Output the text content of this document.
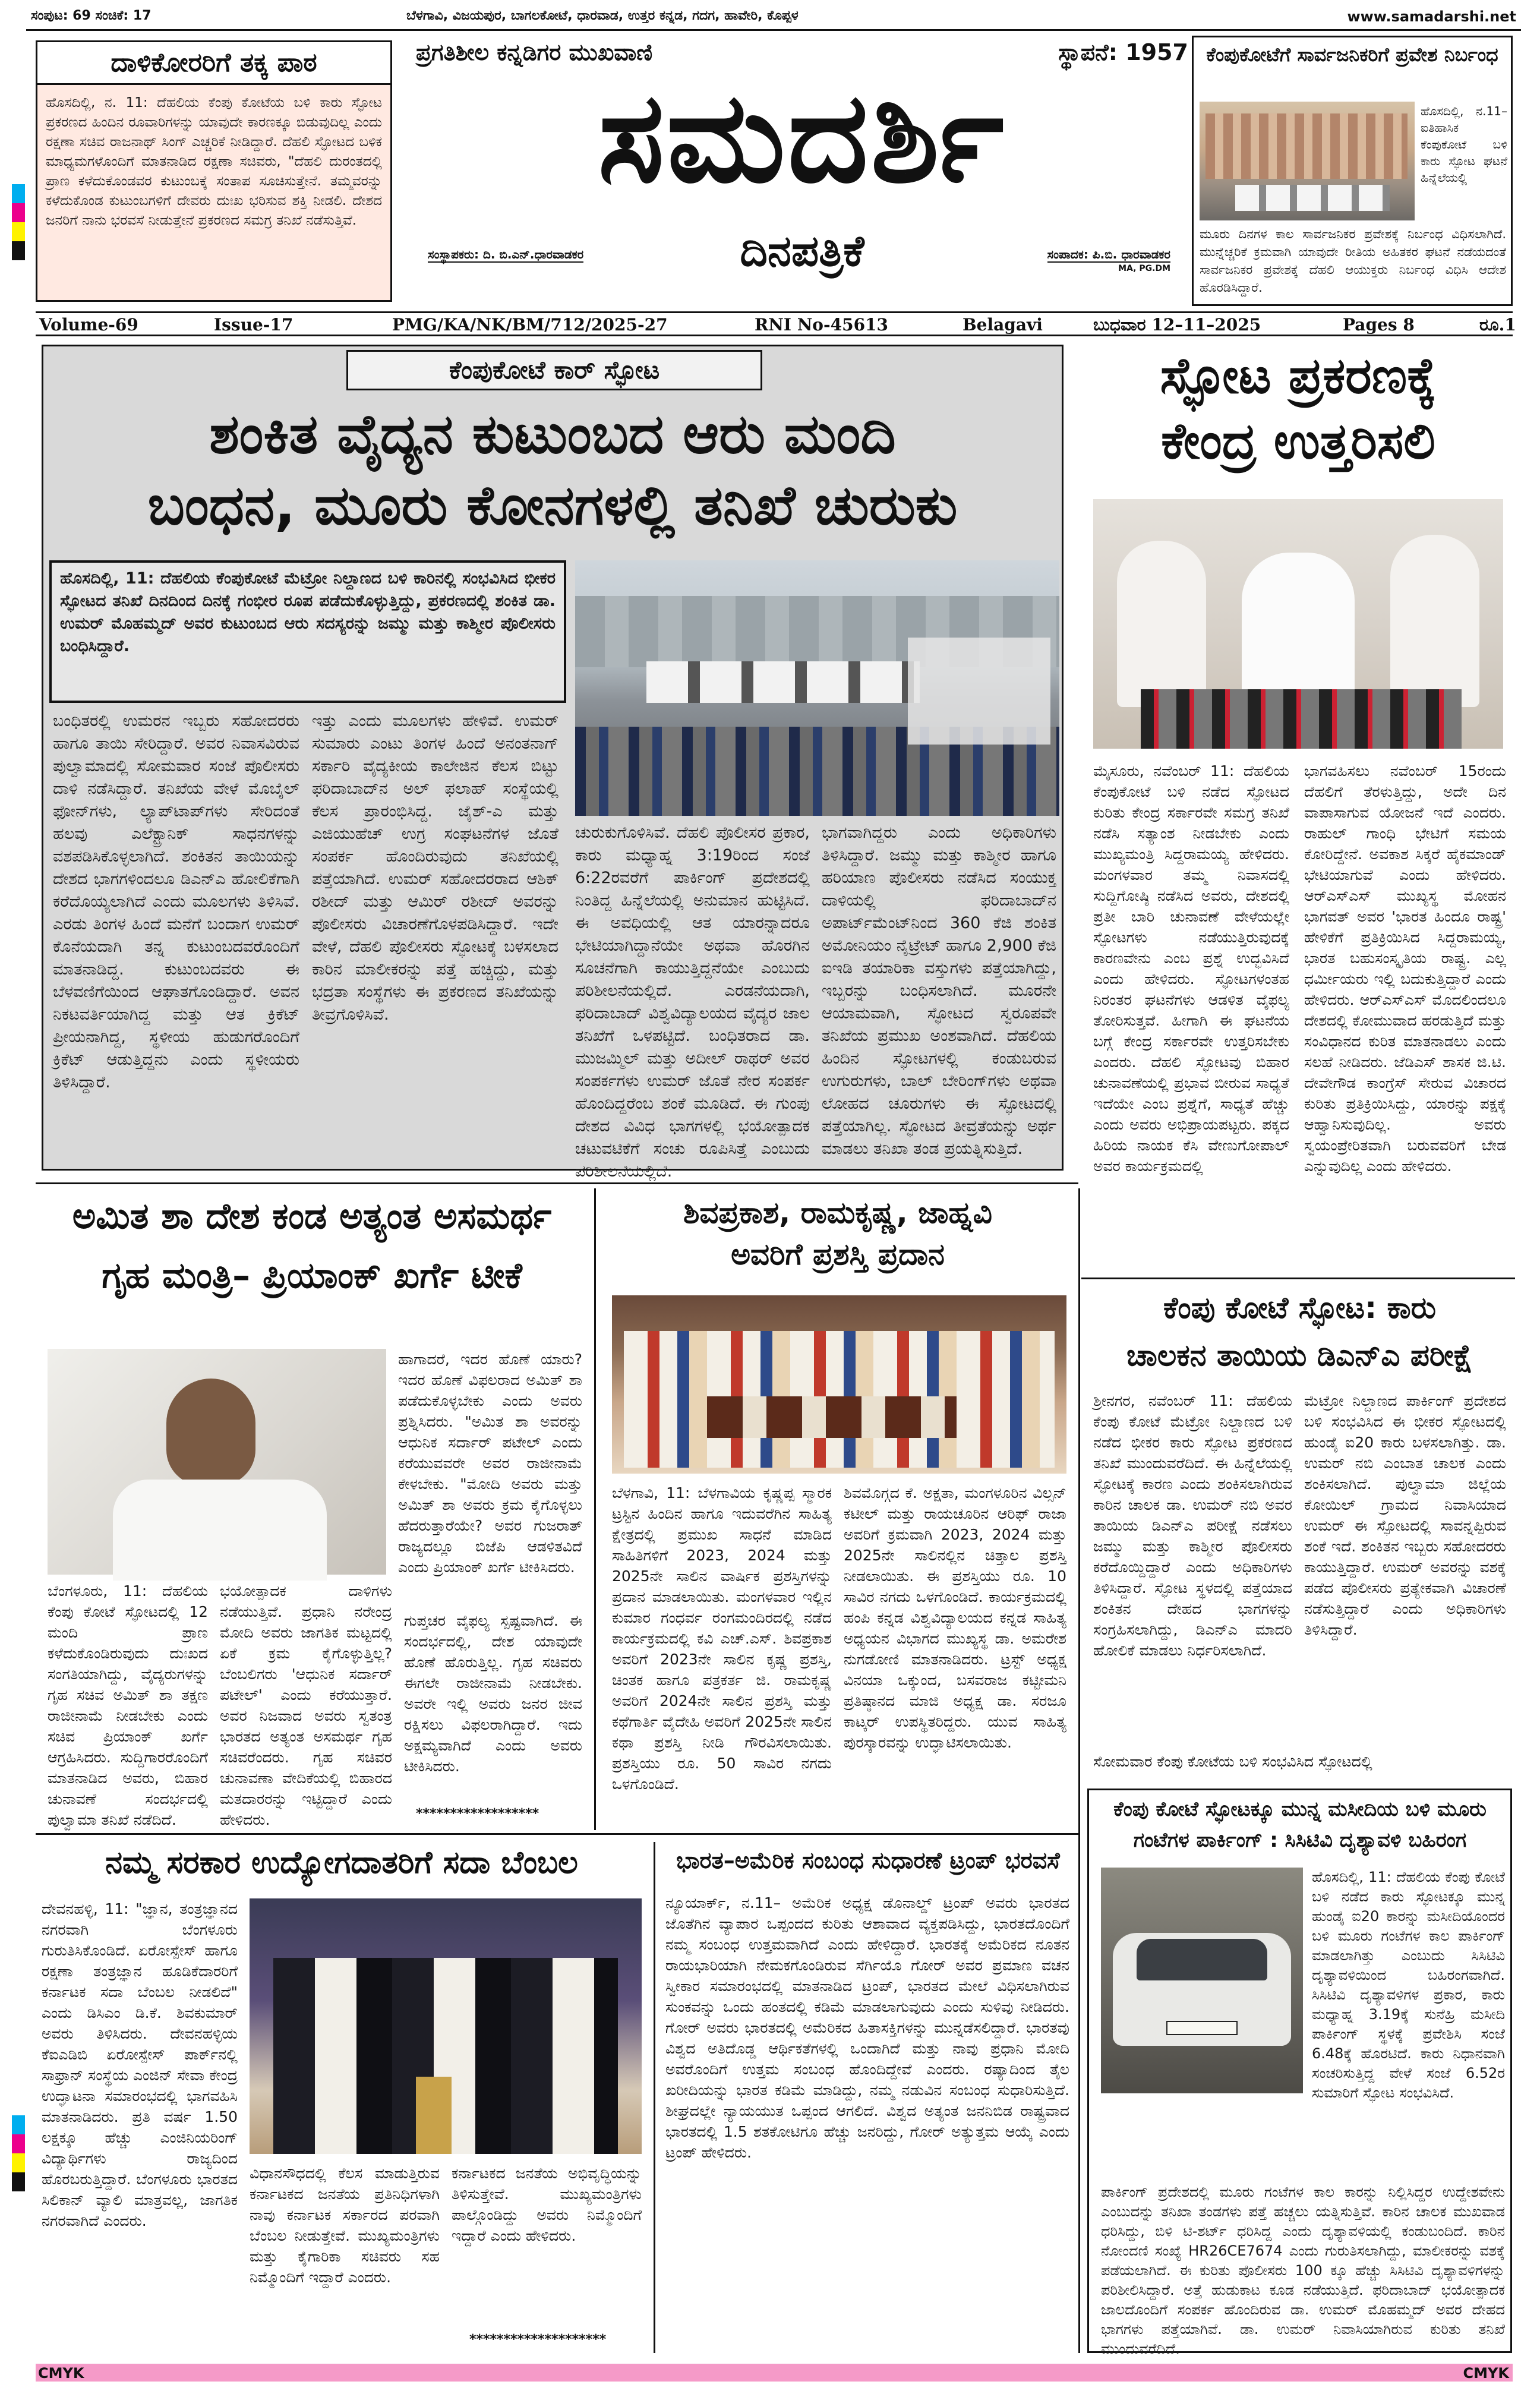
ಸಂಪುಟ: 69 ಸಂಚಿಕೆ: 17	ಬೆಳಗಾವಿ, ವಿಜಯಪುರ, ಬಾಗಲಕೋಟೆ, ಧಾರವಾಡ, ಉತ್ತರ ಕನ್ನಡ, ಗದಗ, ಹಾವೇರಿ, ಕೊಪ್ಪಳ	www.samadarshi.net
ದಾಳಿಕೋರರಿಗೆ ತಕ್ಕ ಪಾಠ
ಹೊಸದಿಲ್ಲಿ, ನ. 11: ದೆಹಲಿಯ ಕೆಂಪು ಕೋಟೆಯ ಬಳಿ ಕಾರು ಸ್ಫೋಟ ಪ್ರಕರಣದ ಹಿಂದಿನ ರೂವಾರಿಗಳನ್ನು ಯಾವುದೇ ಕಾರಣಕ್ಕೂ ಬಿಡುವುದಿಲ್ಲ ಎಂದು ರಕ್ಷಣಾ ಸಚಿವ ರಾಜನಾಥ್ ಸಿಂಗ್ ಎಚ್ಚರಿಕೆ ನೀಡಿದ್ದಾರೆ. ದೆಹಲಿ ಸ್ಫೋಟದ ಬಳಿಕ ಮಾಧ್ಯಮಗಳೊಂದಿಗೆ ಮಾತನಾಡಿದ ರಕ್ಷಣಾ ಸಚಿವರು, "ದೆಹಲಿ ದುರಂತದಲ್ಲಿ ಪ್ರಾಣ ಕಳೆದುಕೊಂಡವರ ಕುಟುಂಬಕ್ಕೆ ಸಂತಾಪ ಸೂಚಿಸುತ್ತೇನೆ. ತಮ್ಮವರನ್ನು ಕಳೆದುಕೊಂಡ ಕುಟುಂಬಗಳಿಗೆ ದೇವರು ದುಃಖ ಭರಿಸುವ ಶಕ್ತಿ ನೀಡಲಿ. ದೇಶದ ಜನರಿಗೆ ನಾನು ಭರವಸೆ ನೀಡುತ್ತೇನೆ ಪ್ರಕರಣದ ಸಮಗ್ರ ತನಿಖೆ ನಡೆಸುತ್ತಿವೆ.
ಪ್ರಗತಿಶೀಲ ಕನ್ನಡಿಗರ ಮುಖವಾಣಿ	ಸ್ಥಾಪನೆ: 1957
ಸಮದರ್ಶಿ
ಸಂಸ್ಥಾಪಕರು: ದಿ. ಬಿ.ಎನ್.ಧಾರವಾಡಕರ	ದಿನಪತ್ರಿಕೆ	ಸಂಪಾದಕ: ಪಿ.ಬಿ. ಧಾರವಾಡಕರ
MA, PG.DM
ಕೆಂಪುಕೋಟೆಗೆ ಸಾರ್ವಜನಿಕರಿಗೆ ಪ್ರವೇಶ ನಿರ್ಬಂಧ
ಹೊಸದಿಲ್ಲಿ, ನ.11– ಐತಿಹಾಸಿಕ ಕೆಂಪುಕೋಟೆ ಬಳಿ ಕಾರು ಸ್ಫೋಟ ಘಟನೆ ಹಿನ್ನೆಲೆಯಲ್ಲಿ
ಮೂರು ದಿನಗಳ ಕಾಲ ಸಾರ್ವಜನಿಕರ ಪ್ರವೇಶಕ್ಕೆ ನಿರ್ಬಂಧ ವಿಧಿಸಲಾಗಿದೆ. ಮುನ್ನೆಚ್ಚರಿಕೆ ಕ್ರಮವಾಗಿ ಯಾವುದೇ ರೀತಿಯ ಅಹಿತಕರ ಘಟನೆ ನಡೆಯದಂತೆ ಸಾರ್ವಜನಿಕರ ಪ್ರವೇಶಕ್ಕೆ ದೆಹಲಿ ಆಯುಕ್ತರು ನಿರ್ಬಂಧ ವಿಧಿಸಿ ಆದೇಶ ಹೊರಡಿಸಿದ್ದಾರೆ.
Volume-69	Issue-17	PMG/KA/NK/BM/712/2025-27	RNI No-45613	Belagavi	ಬುಧವಾರ 12–11–2025	Pages 8	ರೂ.1
ಕೆಂಪುಕೋಟೆ ಕಾರ್ ಸ್ಫೋಟ
ಶಂಕಿತ ವೈದ್ಯನ ಕುಟುಂಬದ ಆರು ಮಂದಿ
ಬಂಧನ, ಮೂರು ಕೋನಗಳಲ್ಲಿ ತನಿಖೆ ಚುರುಕು
ಹೊಸದಿಲ್ಲಿ, 11: ದೆಹಲಿಯ ಕೆಂಪುಕೋಟೆ ಮೆಟ್ರೋ ನಿಲ್ದಾಣದ ಬಳಿ ಕಾರಿನಲ್ಲಿ ಸಂಭವಿಸಿದ ಭೀಕರ ಸ್ಫೋಟದ ತನಿಖೆ ದಿನದಿಂದ ದಿನಕ್ಕೆ ಗಂಭೀರ ರೂಪ ಪಡೆದುಕೊಳ್ಳುತ್ತಿದ್ದು, ಪ್ರಕರಣದಲ್ಲಿ ಶಂಕಿತ ಡಾ. ಉಮರ್ ಮೊಹಮ್ಮದ್ ಅವರ ಕುಟುಂಬದ ಆರು ಸದಸ್ಯರನ್ನು ಜಮ್ಮು ಮತ್ತು ಕಾಶ್ಮೀರ ಪೊಲೀಸರು ಬಂಧಿಸಿದ್ದಾರೆ.
ಬಂಧಿತರಲ್ಲಿ ಉಮರನ ಇಬ್ಬರು ಸಹೋದರರು ಹಾಗೂ ತಾಯಿ ಸೇರಿದ್ದಾರೆ. ಅವರ ನಿವಾಸವಿರುವ ಪುಲ್ವಾಮಾದಲ್ಲಿ ಸೋಮವಾರ ಸಂಜೆ ಪೊಲೀಸರು ದಾಳಿ ನಡೆಸಿದ್ದಾರೆ. ತನಿಖೆಯ ವೇಳೆ ಮೊಬೈಲ್ ಫೋನ್‌ಗಳು, ಲ್ಯಾಪ್‌ಟಾಪ್‌ಗಳು ಸೇರಿದಂತೆ ಹಲವು ಎಲೆಕ್ಟ್ರಾನಿಕ್ ಸಾಧನಗಳನ್ನು ವಶಪಡಿಸಿಕೊಳ್ಳಲಾಗಿದೆ. ಶಂಕಿತನ ತಾಯಿಯನ್ನು ದೇಶದ ಭಾಗಗಳಿಂದಲೂ ಡಿಎನ್‌ಎ ಹೋಲಿಕೆಗಾಗಿ ಕರೆದೊಯ್ಯಲಾಗಿದೆ ಎಂದು ಮೂಲಗಳು ತಿಳಿಸಿವೆ. ಎರಡು ತಿಂಗಳ ಹಿಂದೆ ಮನೆಗೆ ಬಂದಾಗ ಉಮರ್ ಕೊನೆಯದಾಗಿ ತನ್ನ ಕುಟುಂಬದವರೊಂದಿಗೆ ಮಾತನಾಡಿದ್ದ. ಕುಟುಂಬದವರು ಈ ಬೆಳವಣಿಗೆಯಿಂದ ಆಘಾತಗೊಂಡಿದ್ದಾರೆ. ಅವನ ನಿಕಟವರ್ತಿಯಾಗಿದ್ದ ಮತ್ತು ಆತ ಕ್ರಿಕೆಟ್ ಪ್ರೀಯನಾಗಿದ್ದ, ಸ್ಥಳೀಯ ಹುಡುಗರೊಂದಿಗೆ ಕ್ರಿಕೆಟ್ ಆಡುತ್ತಿದ್ದನು ಎಂದು ಸ್ಥಳೀಯರು ತಿಳಿಸಿದ್ದಾರೆ.
ಇತ್ತು ಎಂದು ಮೂಲಗಳು ಹೇಳಿವೆ. ಉಮರ್ ಸುಮಾರು ಎಂಟು ತಿಂಗಳ ಹಿಂದೆ ಅನಂತನಾಗ್ ಸರ್ಕಾರಿ ವೈದ್ಯಕೀಯ ಕಾಲೇಜಿನ ಕೆಲಸ ಬಿಟ್ಟು ಫರಿದಾಬಾದ್‌ನ ಅಲ್ ಫಲಾಹ್ ಸಂಸ್ಥೆಯಲ್ಲಿ ಕೆಲಸ ಪ್ರಾರಂಭಿಸಿದ್ದ. ಜೈಶ್-ಎ ಮತ್ತು ಎಜಿಯುಹೆಚ್ ಉಗ್ರ ಸಂಘಟನೆಗಳ ಜೊತೆ ಸಂಪರ್ಕ ಹೊಂದಿರುವುದು ತನಿಖೆಯಲ್ಲಿ ಪತ್ತೆಯಾಗಿದೆ. ಉಮರ್ ಸಹೋದರರಾದ ಆಶಿಕ್ ರಶೀದ್ ಮತ್ತು ಆಮಿರ್ ರಶೀದ್ ಅವರನ್ನು ಪೊಲೀಸರು ವಿಚಾರಣೆಗೊಳಪಡಿಸಿದ್ದಾರೆ. ಇದೇ ವೇಳೆ, ದೆಹಲಿ ಪೊಲೀಸರು ಸ್ಫೋಟಕ್ಕೆ ಬಳಸಲಾದ ಕಾರಿನ ಮಾಲೀಕರನ್ನು ಪತ್ತೆ ಹಚ್ಚಿದ್ದು, ಮತ್ತು ಭದ್ರತಾ ಸಂಸ್ಥೆಗಳು ಈ ಪ್ರಕರಣದ ತನಿಖೆಯನ್ನು ತೀವ್ರಗೊಳಿಸಿವೆ.
ಚುರುಕುಗೊಳಿಸಿವೆ. ದೆಹಲಿ ಪೊಲೀಸರ ಪ್ರಕಾರ, ಕಾರು ಮಧ್ಯಾಹ್ನ 3:19ರಿಂದ ಸಂಜೆ 6:22ರವರೆಗೆ ಪಾರ್ಕಿಂಗ್ ಪ್ರದೇಶದಲ್ಲಿ ನಿಂತಿದ್ದ ಹಿನ್ನೆಲೆಯಲ್ಲಿ ಅನುಮಾನ ಹುಟ್ಟಿಸಿದೆ. ಈ ಅವಧಿಯಲ್ಲಿ ಆತ ಯಾರನ್ನಾದರೂ ಭೇಟಿಯಾಗಿದ್ದಾನೆಯೇ ಅಥವಾ ಹೊರಗಿನ ಸೂಚನೆಗಾಗಿ ಕಾಯುತ್ತಿದ್ದನೆಯೇ ಎಂಬುದು ಪರಿಶೀಲನೆಯಲ್ಲಿದೆ. ಎರಡನೆಯದಾಗಿ, ಫರಿದಾಬಾದ್ ವಿಶ್ವವಿದ್ಯಾಲಯದ ವೈದ್ಯರ ಜಾಲ ತನಿಖೆಗೆ ಒಳಪಟ್ಟಿದೆ. ಬಂಧಿತರಾದ ಡಾ. ಮುಜಮ್ಮಿಲ್ ಮತ್ತು ಅದೀಲ್ ರಾಥರ್ ಅವರ ಸಂಪರ್ಕಗಳು ಉಮರ್ ಜೊತೆ ನೇರ ಸಂಪರ್ಕ ಹೊಂದಿದ್ದರೆಂಬ ಶಂಕೆ ಮೂಡಿದೆ. ಈ ಗುಂಪು ದೇಶದ ವಿವಿಧ ಭಾಗಗಳಲ್ಲಿ ಭಯೋತ್ಪಾದಕ ಚಟುವಟಿಕೆಗೆ ಸಂಚು ರೂಪಿಸಿತ್ತೆ ಎಂಬುದು ಪರಿಶೀಲನೆಯಲ್ಲಿದೆ.
ಭಾಗವಾಗಿದ್ದರು ಎಂದು ಅಧಿಕಾರಿಗಳು ತಿಳಿಸಿದ್ದಾರೆ. ಜಮ್ಮು ಮತ್ತು ಕಾಶ್ಮೀರ ಹಾಗೂ ಹರಿಯಾಣ ಪೊಲೀಸರು ನಡೆಸಿದ ಸಂಯುಕ್ತ ದಾಳಿಯಲ್ಲಿ ಫರಿದಾಬಾದ್‌ನ ಅಪಾರ್ಟ್‌ಮೆಂಟ್‌ನಿಂದ 360 ಕೆಜಿ ಶಂಕಿತ ಅಮೋನಿಯಂ ನೈಟ್ರೇಟ್ ಹಾಗೂ 2,900 ಕೆಜಿ ಐಇಡಿ ತಯಾರಿಕಾ ವಸ್ತುಗಳು ಪತ್ತೆಯಾಗಿದ್ದು, ಇಬ್ಬರನ್ನು ಬಂಧಿಸಲಾಗಿದೆ. ಮೂರನೇ ಆಯಾಮವಾಗಿ, ಸ್ಫೋಟದ ಸ್ವರೂಪವೇ ತನಿಖೆಯ ಪ್ರಮುಖ ಅಂಶವಾಗಿದೆ. ದೆಹಲಿಯ ಹಿಂದಿನ ಸ್ಫೋಟಗಳಲ್ಲಿ ಕಂಡುಬರುವ ಉಗುರುಗಳು, ಬಾಲ್ ಬೇರಿಂಗ್‌ಗಳು ಅಥವಾ ಲೋಹದ ಚೂರುಗಳು ಈ ಸ್ಫೋಟದಲ್ಲಿ ಪತ್ತೆಯಾಗಿಲ್ಲ. ಸ್ಫೋಟದ ತೀವ್ರತೆಯನ್ನು ಅರ್ಥ ಮಾಡಲು ತನಿಖಾ ತಂಡ ಪ್ರಯತ್ನಿಸುತ್ತಿದೆ.
ಸ್ಫೋಟ ಪ್ರಕರಣಕ್ಕೆ
ಕೇಂದ್ರ ಉತ್ತರಿಸಲಿ
ಮೈಸೂರು, ನವೆಂಬರ್ 11: ದೆಹಲಿಯ ಕೆಂಪುಕೋಟೆ ಬಳಿ ನಡೆದ ಸ್ಫೋಟದ ಕುರಿತು ಕೇಂದ್ರ ಸರ್ಕಾರವೇ ಸಮಗ್ರ ತನಿಖೆ ನಡೆಸಿ ಸತ್ಯಾಂಶ ನೀಡಬೇಕು ಎಂದು ಮುಖ್ಯಮಂತ್ರಿ ಸಿದ್ದರಾಮಯ್ಯ ಹೇಳಿದರು. ಮಂಗಳವಾರ ತಮ್ಮ ನಿವಾಸದಲ್ಲಿ ಸುದ್ದಿಗೋಷ್ಠಿ ನಡೆಸಿದ ಅವರು, ದೇಶದಲ್ಲಿ ಪ್ರತೀ ಬಾರಿ ಚುನಾವಣೆ ವೇಳೆಯಲ್ಲೇ ಸ್ಫೋಟಗಳು ನಡೆಯುತ್ತಿರುವುದಕ್ಕೆ ಕಾರಣವೇನು ಎಂಬ ಪ್ರಶ್ನೆ ಉದ್ಭವಿಸಿದೆ ಎಂದು ಹೇಳಿದರು. ಸ್ಫೋಟಗಳಂತಹ ನಿರಂತರ ಘಟನೆಗಳು ಆಡಳಿತ ವೈಫಲ್ಯ ತೋರಿಸುತ್ತವೆ. ಹೀಗಾಗಿ ಈ ಘಟನೆಯ ಬಗ್ಗೆ ಕೇಂದ್ರ ಸರ್ಕಾರವೇ ಉತ್ತರಿಸಬೇಕು ಎಂದರು. ದೆಹಲಿ ಸ್ಫೋಟವು ಬಿಹಾರ ಚುನಾವಣೆಯಲ್ಲಿ ಪ್ರಭಾವ ಬೀರುವ ಸಾಧ್ಯತೆ ಇದೆಯೇ ಎಂಬ ಪ್ರಶ್ನೆಗೆ, ಸಾಧ್ಯತೆ ಹೆಚ್ಚು ಎಂದು ಅವರು ಅಭಿಪ್ರಾಯಪಟ್ಟರು. ಪಕ್ಕದ ಹಿರಿಯ ನಾಯಕ ಕೆಸಿ ವೇಣುಗೋಪಾಲ್ ಅವರ ಕಾರ್ಯಕ್ರಮದಲ್ಲಿ
ಭಾಗವಹಿಸಲು ನವೆಂಬರ್ 15ರಂದು ದೆಹಲಿಗೆ ತೆರಳುತ್ತಿದ್ದು, ಅದೇ ದಿನ ವಾಪಾಸಾಗುವ ಯೋಜನೆ ಇದೆ ಎಂದರು. ರಾಹುಲ್ ಗಾಂಧಿ ಭೇಟಿಗೆ ಸಮಯ ಕೋರಿದ್ದೇನೆ. ಅವಕಾಶ ಸಿಕ್ಕರೆ ಹೈಕಮಾಂಡ್ ಭೇಟಿಯಾಗುವೆ ಎಂದು ಹೇಳಿದರು. ಆರ್‌ಎಸ್‌ಎಸ್ ಮುಖ್ಯಸ್ಥ ಮೋಹನ ಭಾಗವತ್ ಅವರ 'ಭಾರತ ಹಿಂದೂ ರಾಷ್ಟ್ರ' ಹೇಳಿಕೆಗೆ ಪ್ರತಿಕ್ರಿಯಿಸಿದ ಸಿದ್ದರಾಮಯ್ಯ, ಭಾರತ ಬಹುಸಂಸ್ಕೃತಿಯ ರಾಷ್ಟ್ರ. ಎಲ್ಲ ಧರ್ಮೀಯರು ಇಲ್ಲಿ ಬದುಕುತ್ತಿದ್ದಾರೆ ಎಂದು ಹೇಳಿದರು. ಆರ್‌ಎಸ್‌ಎಸ್ ಮೊದಲಿಂದಲೂ ದೇಶದಲ್ಲಿ ಕೋಮುವಾದ ಹರಡುತ್ತಿದೆ ಮತ್ತು ಸಂವಿಧಾನದ ಕುರಿತ ಮಾತನಾಡಲು ಎಂದು ಸಲಹೆ ನೀಡಿದರು. ಜೆಡಿಎಸ್ ಶಾಸಕ ಜಿ.ಟಿ. ದೇವೇಗೌಡ ಕಾಂಗ್ರೆಸ್ ಸೇರುವ ವಿಚಾರದ ಕುರಿತು ಪ್ರತಿಕ್ರಿಯಿಸಿದ್ದು, ಯಾರನ್ನು ಪಕ್ಷಕ್ಕೆ ಆಹ್ವಾನಿಸುವುದಿಲ್ಲ. ಅವರು ಸ್ವಯಂಪ್ರೇರಿತವಾಗಿ ಬರುವವರಿಗೆ ಬೇಡ ಎನ್ನುವುದಿಲ್ಲ ಎಂದು ಹೇಳಿದರು.
ಅಮಿತ ಶಾ ದೇಶ ಕಂಡ ಅತ್ಯಂತ ಅಸಮರ್ಥ
ಗೃಹ ಮಂತ್ರಿ– ಪ್ರಿಯಾಂಕ್ ಖರ್ಗೆ ಟೀಕೆ
ಹಾಗಾದರೆ, ಇದರ ಹೊಣೆ ಯಾರು? ಇದರ ಹೊಣೆ ವಿಫಲರಾದ ಅಮಿತ್ ಶಾ ಪಡೆದುಕೊಳ್ಳಬೇಕು ಎಂದು ಅವರು ಪ್ರಶ್ನಿಸಿದರು. "ಅಮಿತ ಶಾ ಅವರನ್ನು ಆಧುನಿಕ ಸರ್ದಾರ್ ಪಟೇಲ್ ಎಂದು ಕರೆಯುವವರೇ ಅವರ ರಾಜೀನಾಮೆ ಕೇಳಬೇಕು. "ಮೋದಿ ಅವರು ಮತ್ತು ಅಮಿತ್ ಶಾ ಅವರು ಕ್ರಮ ಕೈಗೊಳ್ಳಲು ಹೆದರುತ್ತಾರೆಯೇ? ಅವರ ಗುಜರಾತ್ ರಾಜ್ಯದಲ್ಲೂ ಬಿಜೆಪಿ ಆಡಳಿತವಿದೆ ಎಂದು ಪ್ರಿಯಾಂಕ್ ಖರ್ಗೆ ಟೀಕಿಸಿದರು.
ಬೆಂಗಳೂರು, 11: ದೆಹಲಿಯ ಕೆಂಪು ಕೋಟೆ ಸ್ಫೋಟದಲ್ಲಿ 12 ಮಂದಿ ಪ್ರಾಣ ಕಳೆದುಕೊಂಡಿರುವುದು ದುಃಖದ ಸಂಗತಿಯಾಗಿದ್ದು, ವೈದ್ಯರುಗಳನ್ನು ಗೃಹ ಸಚಿವ ಅಮಿತ್ ಶಾ ತಕ್ಷಣ ರಾಜೀನಾಮೆ ನೀಡಬೇಕು ಎಂದು ಸಚಿವ ಪ್ರಿಯಾಂಕ್ ಖರ್ಗೆ ಆಗ್ರಹಿಸಿದರು. ಸುದ್ದಿಗಾರರೊಂದಿಗೆ ಮಾತನಾಡಿದ ಅವರು, ಬಿಹಾರ ಚುನಾವಣೆ ಸಂದರ್ಭದಲ್ಲಿ ಪುಲ್ವಾಮಾ ತನಿಖೆ ನಡೆದಿದೆ.
ಭಯೋತ್ಪಾದಕ ದಾಳಿಗಳು ನಡೆಯುತ್ತಿವೆ. ಪ್ರಧಾನಿ ನರೇಂದ್ರ ಮೋದಿ ಅವರು ಜಾಗತಿಕ ಮಟ್ಟದಲ್ಲಿ ಏಕೆ ಕ್ರಮ ಕೈಗೊಳ್ಳುತ್ತಿಲ್ಲ? ಬೆಂಬಲಿಗರು 'ಆಧುನಿಕ ಸರ್ದಾರ್ ಪಟೇಲ್' ಎಂದು ಕರೆಯುತ್ತಾರೆ. ಅವರ ನಿಜವಾದ ಅವರು ಸ್ವತಂತ್ರ ಭಾರತದ ಅತ್ಯಂತ ಅಸಮರ್ಥ ಗೃಹ ಸಚಿವರೆಂದರು. ಗೃಹ ಸಚಿವರ ಚುನಾವಣಾ ವೇದಿಕೆಯಲ್ಲಿ ಬಿಹಾರದ ಮತದಾರರನ್ನು ಇಟ್ಟಿದ್ದಾರೆ ಎಂದು ಹೇಳಿದರು.
ಗುಪ್ತಚರ ವೈಫಲ್ಯ ಸ್ಪಷ್ಟವಾಗಿದೆ. ಈ ಸಂದರ್ಭದಲ್ಲಿ, ದೇಶ ಯಾವುದೇ ಹೊಣೆ ಹೊರುತ್ತಿಲ್ಲ. ಗೃಹ ಸಚಿವರು ಈಗಲೇ ರಾಜೀನಾಮೆ ನೀಡಬೇಕು. ಅವರೇ ಇಲ್ಲಿ ಅವರು ಜನರ ಜೀವ ರಕ್ಷಿಸಲು ವಿಫಲರಾಗಿದ್ದಾರೆ. ಇದು ಅಕ್ಷಮ್ಯವಾಗಿದೆ ಎಂದು ಅವರು ಟೀಕಿಸಿದರು.
******************
ಶಿವಪ್ರಕಾಶ, ರಾಮಕೃಷ್ಣ, ಜಾಹ್ನವಿ
ಅವರಿಗೆ ಪ್ರಶಸ್ತಿ ಪ್ರದಾನ
ಬೆಳಗಾವಿ, 11: ಬೆಳಗಾವಿಯ ಕೃಷ್ಣಪ್ಪ ಸ್ಮಾರಕ ಟ್ರಸ್ಟಿನ ಹಿಂದಿನ ಹಾಗೂ ಇದುವರೆಗಿನ ಸಾಹಿತ್ಯ ಕ್ಷೇತ್ರದಲ್ಲಿ ಪ್ರಮುಖ ಸಾಧನೆ ಮಾಡಿದ ಸಾಹಿತಿಗಳಿಗೆ 2023, 2024 ಮತ್ತು 2025ನೇ ಸಾಲಿನ ವಾರ್ಷಿಕ ಪ್ರಶಸ್ತಿಗಳನ್ನು ಪ್ರದಾನ ಮಾಡಲಾಯಿತು. ಮಂಗಳವಾರ ಇಲ್ಲಿನ ಕುಮಾರ ಗಂಧರ್ವ ರಂಗಮಂದಿರದಲ್ಲಿ ನಡೆದ ಕಾರ್ಯಕ್ರಮದಲ್ಲಿ ಕವಿ ಎಚ್.ಎಸ್. ಶಿವಪ್ರಕಾಶ ಅವರಿಗೆ 2023ನೇ ಸಾಲಿನ ಕೃಷ್ಣ ಪ್ರಶಸ್ತಿ, ಚಿಂತಕ ಹಾಗೂ ಪತ್ರಕರ್ತ ಜಿ. ರಾಮಕೃಷ್ಣ ಅವರಿಗೆ 2024ನೇ ಸಾಲಿನ ಪ್ರಶಸ್ತಿ ಮತ್ತು ಕಥೆಗಾರ್ತಿ ವೈದೇಹಿ ಅವರಿಗೆ 2025ನೇ ಸಾಲಿನ ಕಥಾ ಪ್ರಶಸ್ತಿ ನೀಡಿ ಗೌರವಿಸಲಾಯಿತು. ಪ್ರಶಸ್ತಿಯು ರೂ. 50 ಸಾವಿರ ನಗದು ಒಳಗೊಂಡಿದೆ.
ಶಿವಮೊಗ್ಗದ ಕೆ. ಅಕ್ಷತಾ, ಮಂಗಳೂರಿನ ವಿಲ್ಸನ್ ಕಟೀಲ್ ಮತ್ತು ರಾಯಚೂರಿನ ಆರಿಫ್ ರಾಜಾ ಅವರಿಗೆ ಕ್ರಮವಾಗಿ 2023, 2024 ಮತ್ತು 2025ನೇ ಸಾಲಿನಲ್ಲಿನ ಚಿತ್ತಾಲ ಪ್ರಶಸ್ತಿ ನೀಡಲಾಯಿತು. ಈ ಪ್ರಶಸ್ತಿಯು ರೂ. 10 ಸಾವಿರ ನಗದು ಒಳಗೊಂಡಿದೆ. ಕಾರ್ಯಕ್ರಮದಲ್ಲಿ ಹಂಪಿ ಕನ್ನಡ ವಿಶ್ವವಿದ್ಯಾಲಯದ ಕನ್ನಡ ಸಾಹಿತ್ಯ ಅಧ್ಯಯನ ವಿಭಾಗದ ಮುಖ್ಯಸ್ಥ ಡಾ. ಅಮರೇಶ ನುಗಡೋಣಿ ಮಾತನಾಡಿದರು. ಟ್ರಸ್ಟ್ ಅಧ್ಯಕ್ಷ ವಿನಯಾ ಒಕ್ಕುಂದ, ಬಸವರಾಜ ಕಟ್ಟೀಮನಿ ಪ್ರತಿಷ್ಠಾನದ ಮಾಜಿ ಅಧ್ಯಕ್ಷ ಡಾ. ಸರಜೂ ಕಾಟ್ಕರ್ ಉಪಸ್ಥಿತರಿದ್ದರು. ಯುವ ಸಾಹಿತ್ಯ ಪುರಸ್ಕಾರವನ್ನು ಉದ್ಘಾಟಿಸಲಾಯಿತು.
ಕೆಂಪು ಕೋಟೆ ಸ್ಫೋಟ: ಕಾರು
ಚಾಲಕನ ತಾಯಿಯ ಡಿಎನ್‌ಎ ಪರೀಕ್ಷೆ
ಶ್ರೀನಗರ, ನವೆಂಬರ್ 11: ದೆಹಲಿಯ ಕೆಂಪು ಕೋಟೆ ಮೆಟ್ರೋ ನಿಲ್ದಾಣದ ಬಳಿ ನಡೆದ ಭೀಕರ ಕಾರು ಸ್ಫೋಟ ಪ್ರಕರಣದ ತನಿಖೆ ಮುಂದುವರೆದಿದೆ. ಈ ಹಿನ್ನೆಲೆಯಲ್ಲಿ ಸ್ಫೋಟಕ್ಕೆ ಕಾರಣ ಎಂದು ಶಂಕಿಸಲಾಗಿರುವ ಕಾರಿನ ಚಾಲಕ ಡಾ. ಉಮರ್ ನಬಿ ಅವರ ತಾಯಿಯ ಡಿಎನ್‌ಎ ಪರೀಕ್ಷೆ ನಡೆಸಲು ಜಮ್ಮು ಮತ್ತು ಕಾಶ್ಮೀರ ಪೊಲೀಸರು ಕರೆದೊಯ್ದಿದ್ದಾರೆ ಎಂದು ಅಧಿಕಾರಿಗಳು ತಿಳಿಸಿದ್ದಾರೆ. ಸ್ಫೋಟ ಸ್ಥಳದಲ್ಲಿ ಪತ್ತೆಯಾದ ಶಂಕಿತನ ದೇಹದ ಭಾಗಗಳನ್ನು ಸಂಗ್ರಹಿಸಲಾಗಿದ್ದು, ಡಿಎನ್‌ಎ ಮಾದರಿ ಹೋಲಿಕೆ ಮಾಡಲು ನಿರ್ಧರಿಸಲಾಗಿದೆ.
ಮೆಟ್ರೋ ನಿಲ್ದಾಣದ ಪಾರ್ಕಿಂಗ್ ಪ್ರದೇಶದ ಬಳಿ ಸಂಭವಿಸಿದ ಈ ಭೀಕರ ಸ್ಫೋಟದಲ್ಲಿ ಹುಂಡೈ ಐ20 ಕಾರು ಬಳಸಲಾಗಿತ್ತು. ಡಾ. ಉಮರ್ ನಬಿ ಎಂಬಾತ ಚಾಲಕ ಎಂದು ಶಂಕಿಸಲಾಗಿದೆ. ಪುಲ್ವಾಮಾ ಜಿಲ್ಲೆಯ ಕೋಯಿಲ್ ಗ್ರಾಮದ ನಿವಾಸಿಯಾದ ಉಮರ್ ಈ ಸ್ಫೋಟದಲ್ಲಿ ಸಾವನ್ನಪ್ಪಿರುವ ಶಂಕೆ ಇದೆ. ಶಂಕಿತನ ಇಬ್ಬರು ಸಹೋದರರು ಕಾಯುತ್ತಿದ್ದಾರೆ. ಉಮರ್ ಅವರನ್ನು ವಶಕ್ಕೆ ಪಡೆದ ಪೊಲೀಸರು ಪ್ರತ್ಯೇಕವಾಗಿ ವಿಚಾರಣೆ ನಡೆಸುತ್ತಿದ್ದಾರೆ ಎಂದು ಅಧಿಕಾರಿಗಳು ತಿಳಿಸಿದ್ದಾರೆ.
ಸೋಮವಾರ ಕೆಂಪು ಕೋಟೆಯ ಬಳಿ ಸಂಭವಿಸಿದ ಸ್ಫೋಟದಲ್ಲಿ
ಕೆಂಪು ಕೋಟೆ ಸ್ಫೋಟಕ್ಕೂ ಮುನ್ನ ಮಸೀದಿಯ ಬಳಿ ಮೂರು ಗಂಟೆಗಳ ಪಾರ್ಕಿಂಗ್ : ಸಿಸಿಟಿವಿ ದೃಶ್ಯಾವಳಿ ಬಹಿರಂಗ
ಹೊಸದಿಲ್ಲಿ, 11: ದೆಹಲಿಯ ಕೆಂಪು ಕೋಟೆ ಬಳಿ ನಡೆದ ಕಾರು ಸ್ಫೋಟಕ್ಕೂ ಮುನ್ನ ಹುಂಡೈ ಐ20 ಕಾರನ್ನು ಮಸೀದಿಯೊಂದರ ಬಳಿ ಮೂರು ಗಂಟೆಗಳ ಕಾಲ ಪಾರ್ಕಿಂಗ್ ಮಾಡಲಾಗಿತ್ತು ಎಂಬುದು ಸಿಸಿಟಿವಿ ದೃಶ್ಯಾವಳಿಯಿಂದ ಬಹಿರಂಗವಾಗಿದೆ. ಸಿಸಿಟಿವಿ ದೃಶ್ಯಾವಳಿಗಳ ಪ್ರಕಾರ, ಕಾರು ಮಧ್ಯಾಹ್ನ 3.19ಕ್ಕೆ ಸುನೆಹ್ರಿ ಮಸೀದಿ ಪಾರ್ಕಿಂಗ್ ಸ್ಥಳಕ್ಕೆ ಪ್ರವೇಶಿಸಿ ಸಂಜೆ 6.48ಕ್ಕೆ ಹೊರಟಿದೆ. ಕಾರು ನಿಧಾನವಾಗಿ ಸಂಚರಿಸುತ್ತಿದ್ದ ವೇಳೆ ಸಂಜೆ 6.52ರ ಸುಮಾರಿಗೆ ಸ್ಫೋಟ ಸಂಭವಿಸಿದೆ.
ಪಾರ್ಕಿಂಗ್ ಪ್ರದೇಶದಲ್ಲಿ ಮೂರು ಗಂಟೆಗಳ ಕಾಲ ಕಾರನ್ನು ನಿಲ್ಲಿಸಿದ್ದರ ಉದ್ದೇಶವೇನು ಎಂಬುದನ್ನು ತನಿಖಾ ತಂಡಗಳು ಪತ್ತೆ ಹಚ್ಚಲು ಯತ್ನಿಸುತ್ತಿವೆ. ಕಾರಿನ ಚಾಲಕ ಮುಖವಾಡ ಧರಿಸಿದ್ದು, ಬಿಳಿ ಟಿ-ಶರ್ಟ್ ಧರಿಸಿದ್ದ ಎಂದು ದೃಶ್ಯಾವಳಿಯಲ್ಲಿ ಕಂಡುಬಂದಿದೆ. ಕಾರಿನ ನೋಂದಣಿ ಸಂಖ್ಯೆ HR26CE7674 ಎಂದು ಗುರುತಿಸಲಾಗಿದ್ದು, ಮಾಲೀಕರನ್ನು ವಶಕ್ಕೆ ಪಡೆಯಲಾಗಿದೆ. ಈ ಕುರಿತು ಪೊಲೀಸರು 100 ಕ್ಕೂ ಹೆಚ್ಚು ಸಿಸಿಟಿವಿ ದೃಶ್ಯಾವಳಿಗಳನ್ನು ಪರಿಶೀಲಿಸಿದ್ದಾರೆ. ಅತ್ತೆ ಹುಡುಕಾಟ ಕೂಡ ನಡೆಯುತ್ತಿದೆ. ಫರಿದಾಬಾದ್ ಭಯೋತ್ಪಾದಕ ಜಾಲದೊಂದಿಗೆ ಸಂಪರ್ಕ ಹೊಂದಿರುವ ಡಾ. ಉಮರ್ ಮೊಹಮ್ಮದ್ ಅವರ ದೇಹದ ಭಾಗಗಳು ಪತ್ತೆಯಾಗಿವೆ. ಡಾ. ಉಮರ್ ನಿವಾಸಿಯಾಗಿರುವ ಕುರಿತು ತನಿಖೆ ಮುಂದುವರೆದಿದೆ.
ನಮ್ಮ ಸರಕಾರ ಉದ್ಯೋಗದಾತರಿಗೆ ಸದಾ ಬೆಂಬಲ
ದೇವನಹಳ್ಳಿ, 11: "ಜ್ಞಾನ, ತಂತ್ರಜ್ಞಾನದ ನಗರವಾಗಿ ಬೆಂಗಳೂರು ಗುರುತಿಸಿಕೊಂಡಿದೆ. ಏರೋಸ್ಪೇಸ್ ಹಾಗೂ ರಕ್ಷಣಾ ತಂತ್ರಜ್ಞಾನ ಹೂಡಿಕೆದಾರರಿಗೆ ಕರ್ನಾಟಕ ಸದಾ ಬೆಂಬಲ ನೀಡಲಿದೆ" ಎಂದು ಡಿಸಿಎಂ ಡಿ.ಕೆ. ಶಿವಕುಮಾರ್ ಅವರು ತಿಳಿಸಿದರು. ದೇವನಹಳ್ಳಿಯ ಕೆಐಎಡಿಬಿ ಏರೋಸ್ಪೇಸ್ ಪಾರ್ಕ್‌ನಲ್ಲಿ ಸಾಫ್ರಾನ್ ಸಂಸ್ಥೆಯ ಎಂಜಿನ್ ಸೇವಾ ಕೇಂದ್ರ ಉದ್ಘಾಟನಾ ಸಮಾರಂಭದಲ್ಲಿ ಭಾಗವಹಿಸಿ ಮಾತನಾಡಿದರು. ಪ್ರತಿ ವರ್ಷ 1.50 ಲಕ್ಷಕ್ಕೂ ಹೆಚ್ಚು ಎಂಜಿನಿಯರಿಂಗ್ ವಿದ್ಯಾರ್ಥಿಗಳು ರಾಜ್ಯದಿಂದ ಹೊರಬರುತ್ತಿದ್ದಾರೆ. ಬೆಂಗಳೂರು ಭಾರತದ ಸಿಲಿಕಾನ್ ವ್ಯಾಲಿ ಮಾತ್ರವಲ್ಲ, ಜಾಗತಿಕ ನಗರವಾಗಿದೆ ಎಂದರು.
ವಿಧಾನಸೌಧದಲ್ಲಿ ಕೆಲಸ ಮಾಡುತ್ತಿರುವ ಕರ್ನಾಟಕದ ಜನತೆಯ ಪ್ರತಿನಿಧಿಗಳಾಗಿ ನಾವು ಕರ್ನಾಟಕ ಸರ್ಕಾರದ ಪರವಾಗಿ ಬೆಂಬಲ ನೀಡುತ್ತೇವೆ. ಮುಖ್ಯಮಂತ್ರಿಗಳು ಮತ್ತು ಕೈಗಾರಿಕಾ ಸಚಿವರು ಸಹ ನಿಮ್ಮೊಂದಿಗೆ ಇದ್ದಾರೆ ಎಂದರು.
ಕರ್ನಾಟಕದ ಜನತೆಯ ಅಭಿವೃದ್ಧಿಯನ್ನು ತಿಳಿಸುತ್ತೇವೆ. ಮುಖ್ಯಮಂತ್ರಿಗಳು ಪಾಲ್ಗೊಂಡಿದ್ದು ಅವರು ನಿಮ್ಮೊಂದಿಗೆ ಇದ್ದಾರೆ ಎಂದು ಹೇಳಿದರು.
********************
ಭಾರತ–ಅಮೆರಿಕ ಸಂಬಂಧ ಸುಧಾರಣೆ ಟ್ರಂಪ್ ಭರವಸೆ
ನ್ಯೂಯಾರ್ಕ್, ನ.11– ಅಮೆರಿಕ ಅಧ್ಯಕ್ಷ ಡೊನಾಲ್ಡ್ ಟ್ರಂಪ್ ಅವರು ಭಾರತದ ಜೊತೆಗಿನ ವ್ಯಾಪಾರ ಒಪ್ಪಂದದ ಕುರಿತು ಆಶಾವಾದ ವ್ಯಕ್ತಪಡಿಸಿದ್ದು, ಭಾರತದೊಂದಿಗೆ ನಮ್ಮ ಸಂಬಂಧ ಉತ್ತಮವಾಗಿದೆ ಎಂದು ಹೇಳಿದ್ದಾರೆ. ಭಾರತಕ್ಕೆ ಅಮೆರಿಕದ ನೂತನ ರಾಯಭಾರಿಯಾಗಿ ನೇಮಕಗೊಂಡಿರುವ ಸೆರ್ಗಿಯೊ ಗೋರ್ ಅವರ ಪ್ರಮಾಣ ವಚನ ಸ್ವೀಕಾರ ಸಮಾರಂಭದಲ್ಲಿ ಮಾತನಾಡಿದ ಟ್ರಂಪ್, ಭಾರತದ ಮೇಲೆ ವಿಧಿಸಲಾಗಿರುವ ಸುಂಕವನ್ನು ಒಂದು ಹಂತದಲ್ಲಿ ಕಡಿಮೆ ಮಾಡಲಾಗುವುದು ಎಂದು ಸುಳಿವು ನೀಡಿದರು. ಗೋರ್ ಅವರು ಭಾರತದಲ್ಲಿ ಅಮೆರಿಕದ ಹಿತಾಸಕ್ತಿಗಳನ್ನು ಮುನ್ನಡೆಸಲಿದ್ದಾರೆ. ಭಾರತವು ವಿಶ್ವದ ಅತಿದೊಡ್ಡ ಆರ್ಥಿಕತೆಗಳಲ್ಲಿ ಒಂದಾಗಿದೆ ಮತ್ತು ನಾವು ಪ್ರಧಾನಿ ಮೋದಿ ಅವರೊಂದಿಗೆ ಉತ್ತಮ ಸಂಬಂಧ ಹೊಂದಿದ್ದೇವೆ ಎಂದರು. ರಷ್ಯಾದಿಂದ ತೈಲ ಖರೀದಿಯನ್ನು ಭಾರತ ಕಡಿಮೆ ಮಾಡಿದ್ದು, ನಮ್ಮ ನಡುವಿನ ಸಂಬಂಧ ಸುಧಾರಿಸುತ್ತಿದೆ. ಶೀಘ್ರದಲ್ಲೇ ನ್ಯಾಯಯುತ ಒಪ್ಪಂದ ಆಗಲಿದೆ. ವಿಶ್ವದ ಅತ್ಯಂತ ಜನನಿಬಿಡ ರಾಷ್ಟ್ರವಾದ ಭಾರತದಲ್ಲಿ 1.5 ಶತಕೋಟಿಗೂ ಹೆಚ್ಚು ಜನರಿದ್ದು, ಗೋರ್ ಅತ್ಯುತ್ತಮ ಆಯ್ಕೆ ಎಂದು ಟ್ರಂಪ್ ಹೇಳಿದರು.
CMYK	CMYK
